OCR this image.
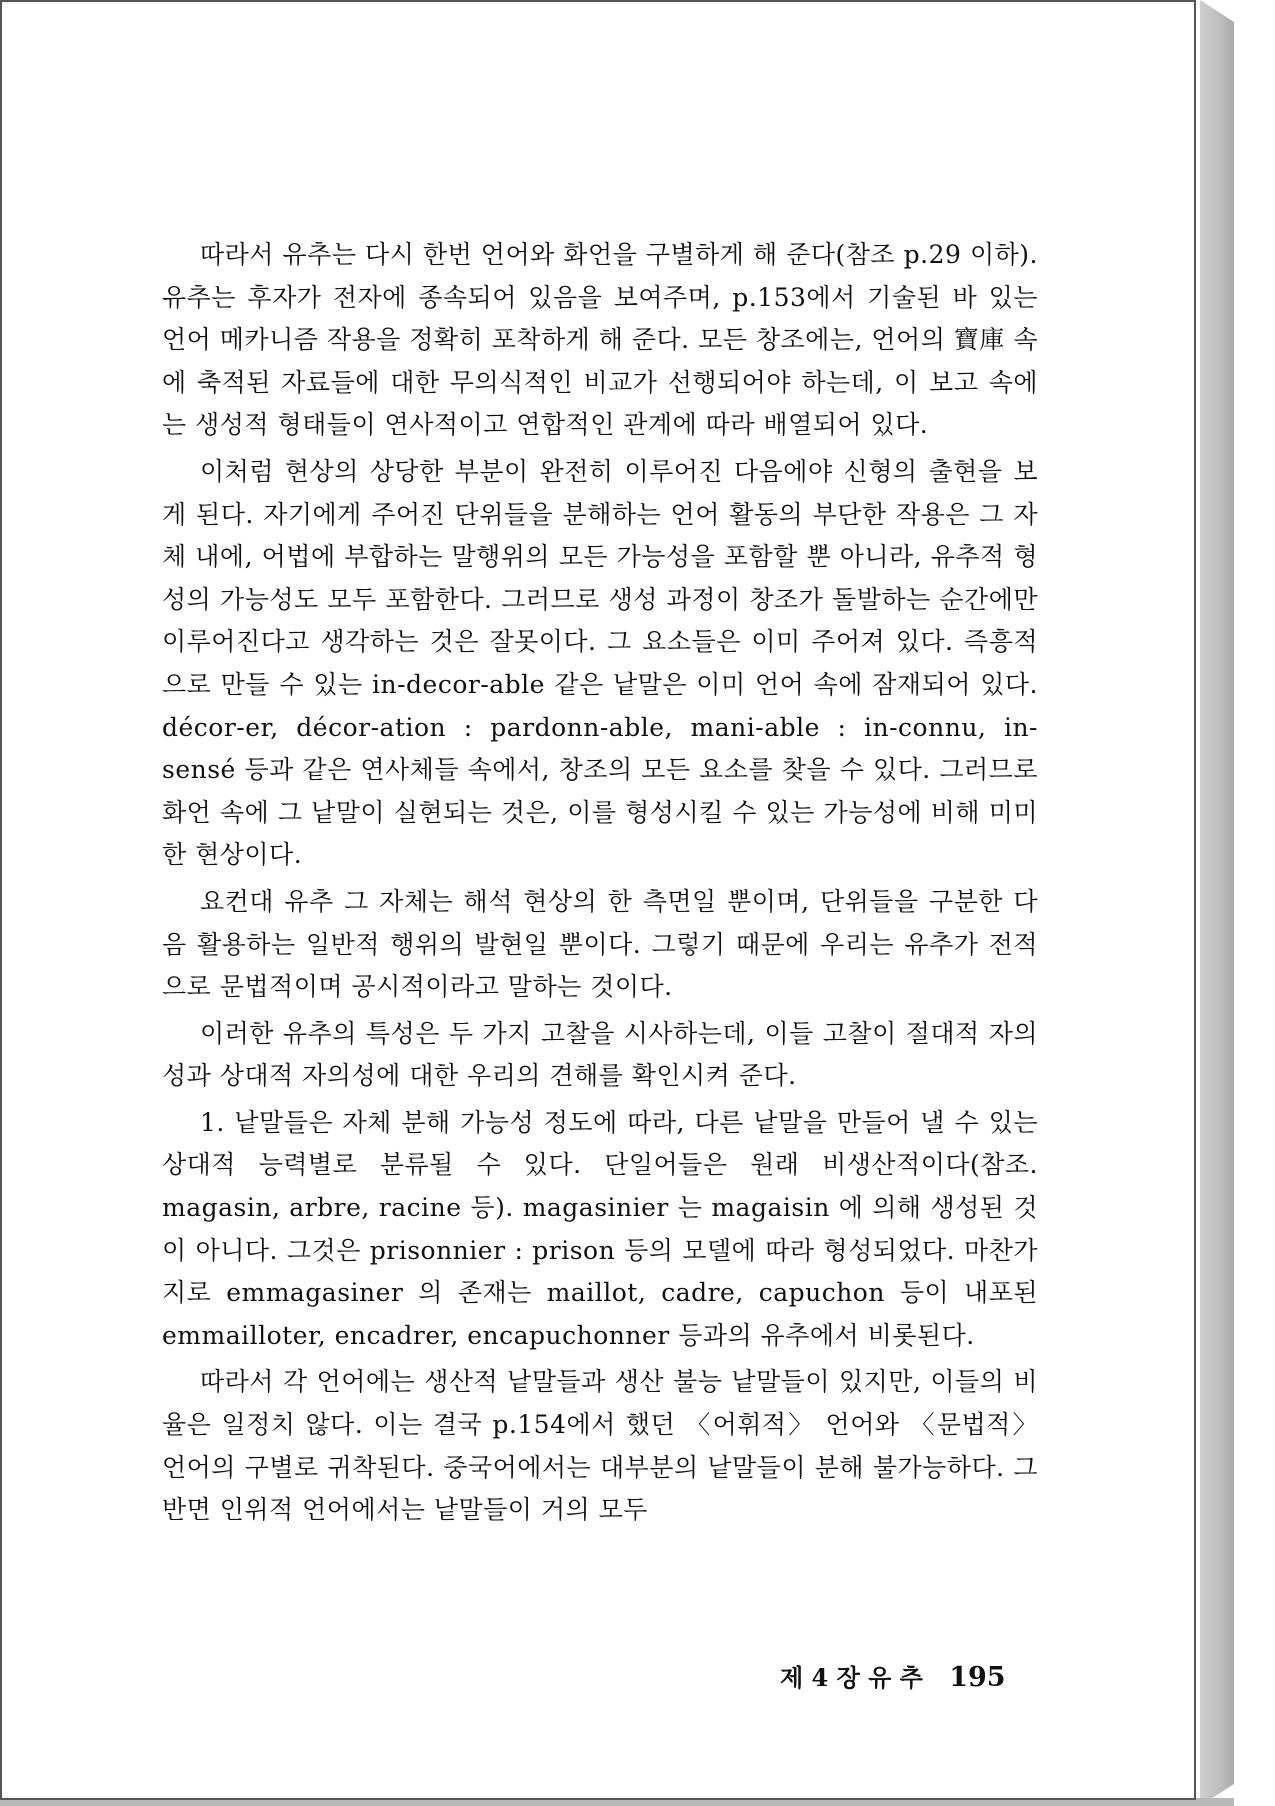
따라서 유추는 다시 한번 언어와 화언을 구별하게 해 준다(참조 p.29 이하). 유추는 후자가 전자에 종속되어 있음을 보여주며, p.153에서 기술된 바 있는 언어 메카니즘 작용을 정확히 포착하게 해 준다. 모든 창조에는, 언어의 寶庫 속에 축적된 자료들에 대한 무의식적인 비교가 선행되어야 하는데, 이 보고 속에는 생성적 형태들이 연사적이고 연합적인 관계에 따라 배열되어 있다.

이처럼 현상의 상당한 부분이 완전히 이루어진 다음에야 신형의 출현을 보게 된다. 자기에게 주어진 단위들을 분해하는 언어 활동의 부단한 작용은 그 자체 내에, 어법에 부합하는 말행위의 모든 가능성을 포함할 뿐 아니라, 유추적 형성의 가능성도 모두 포함한다. 그러므로 생성 과정이 창조가 돌발하는 순간에만 이루어진다고 생각하는 것은 잘못이다. 그 요소들은 이미 주어져 있다. 즉흥적으로 만들 수 있는 in-decor-able 같은 낱말은 이미 언어 속에 잠재되어 있다. décor-er, décor-ation : pardonn-able, mani-able : in-connu, in-sensé 등과 같은 연사체들 속에서, 창조의 모든 요소를 찾을 수 있다. 그러므로 화언 속에 그 낱말이 실현되는 것은, 이를 형성시킬 수 있는 가능성에 비해 미미한 현상이다.

요컨대 유추 그 자체는 해석 현상의 한 측면일 뿐이며, 단위들을 구분한 다음 활용하는 일반적 행위의 발현일 뿐이다. 그렇기 때문에 우리는 유추가 전적으로 문법적이며 공시적이라고 말하는 것이다.

이러한 유추의 특성은 두 가지 고찰을 시사하는데, 이들 고찰이 절대적 자의성과 상대적 자의성에 대한 우리의 견해를 확인시켜 준다.

1. 낱말들은 자체 분해 가능성 정도에 따라, 다른 낱말을 만들어 낼 수 있는 상대적 능력별로 분류될 수 있다. 단일어들은 원래 비생산적이다(참조. magasin, arbre, racine 등). magasinier 는 magaisin 에 의해 생성된 것이 아니다. 그것은 prisonnier : prison 등의 모델에 따라 형성되었다. 마찬가지로 emmagasiner 의 존재는 maillot, cadre, capuchon 등이 내포된 emmailloter, encadrer, encapuchonner 등과의 유추에서 비롯된다.

따라서 각 언어에는 생산적 낱말들과 생산 불능 낱말들이 있지만, 이들의 비율은 일정치 않다. 이는 결국 p.154에서 했던 〈어휘적〉 언어와 〈문법적〉 언어의 구별로 귀착된다. 중국어에서는 대부분의 낱말들이 분해 불가능하다. 그 반면 인위적 언어에서는 낱말들이 거의 모두

제 4 장 유 추 195
